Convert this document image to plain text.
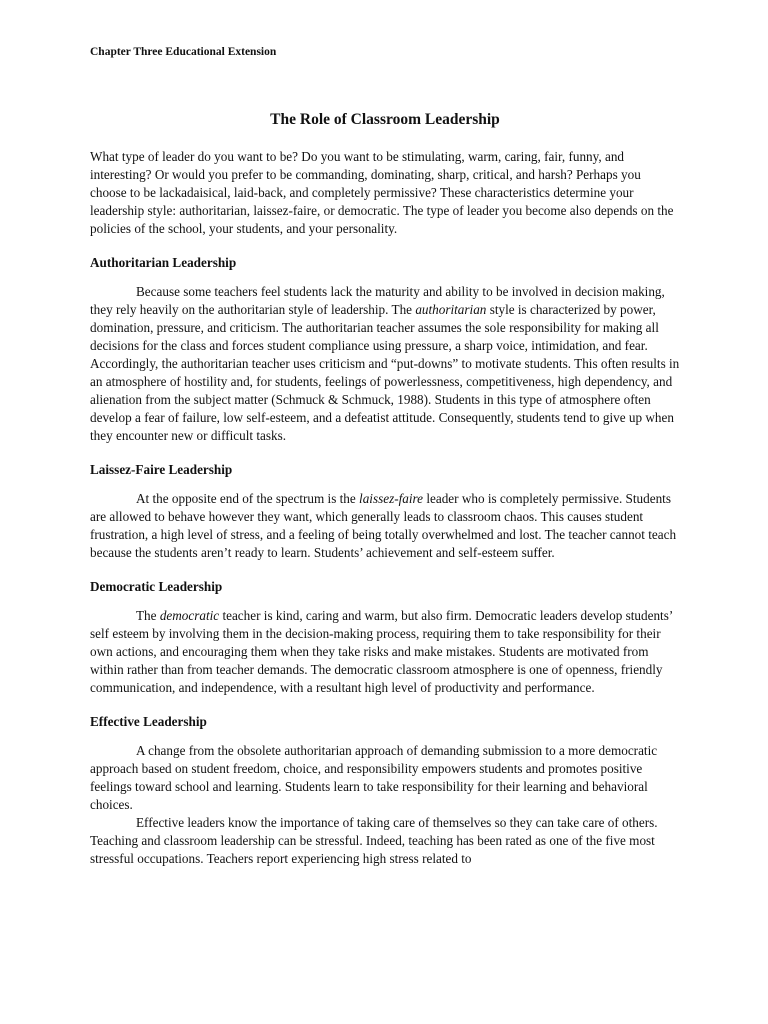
Chapter Three Educational Extension
The Role of Classroom Leadership

What type of leader do you want to be? Do you want to be stimulating, warm, caring, fair, funny, and interesting? Or would you prefer to be commanding, dominating, sharp, critical, and harsh? Perhaps you choose to be lackadaisical, laid-back, and completely permissive? These characteristics determine your leadership style: authoritarian, laissez-faire, or democratic. The type of leader you become also depends on the policies of the school, your students, and your personality.

Authoritarian Leadership

Because some teachers feel students lack the maturity and ability to be involved in decision making, they rely heavily on the authoritarian style of leadership. The authoritarian style is characterized by power, domination, pressure, and criticism. The authoritarian teacher assumes the sole responsibility for making all decisions for the class and forces student compliance using pressure, a sharp voice, intimidation, and fear. Accordingly, the authoritarian teacher uses criticism and “put-downs” to motivate students. This often results in an atmosphere of hostility and, for students, feelings of powerlessness, competitiveness, high dependency, and alienation from the subject matter (Schmuck & Schmuck, 1988). Students in this type of atmosphere often develop a fear of failure, low self-esteem, and a defeatist attitude. Consequently, students tend to give up when they encounter new or difficult tasks.

Laissez-Faire Leadership

At the opposite end of the spectrum is the laissez-faire leader who is completely permissive. Students are allowed to behave however they want, which generally leads to classroom chaos. This causes student frustration, a high level of stress, and a feeling of being totally overwhelmed and lost. The teacher cannot teach because the students aren’t ready to learn. Students’ achievement and self-esteem suffer.

Democratic Leadership

The democratic teacher is kind, caring and warm, but also firm. Democratic leaders develop students’ self esteem by involving them in the decision-making process, requiring them to take responsibility for their own actions, and encouraging them when they take risks and make mistakes. Students are motivated from within rather than from teacher demands. The democratic classroom atmosphere is one of openness, friendly communication, and independence, with a resultant high level of productivity and performance.

Effective Leadership

A change from the obsolete authoritarian approach of demanding submission to a more democratic approach based on student freedom, choice, and responsibility empowers students and promotes positive feelings toward school and learning. Students learn to take responsibility for their learning and behavioral choices.

Effective leaders know the importance of taking care of themselves so they can take care of others. Teaching and classroom leadership can be stressful. Indeed, teaching has been rated as one of the five most stressful occupations. Teachers report experiencing high stress related to
